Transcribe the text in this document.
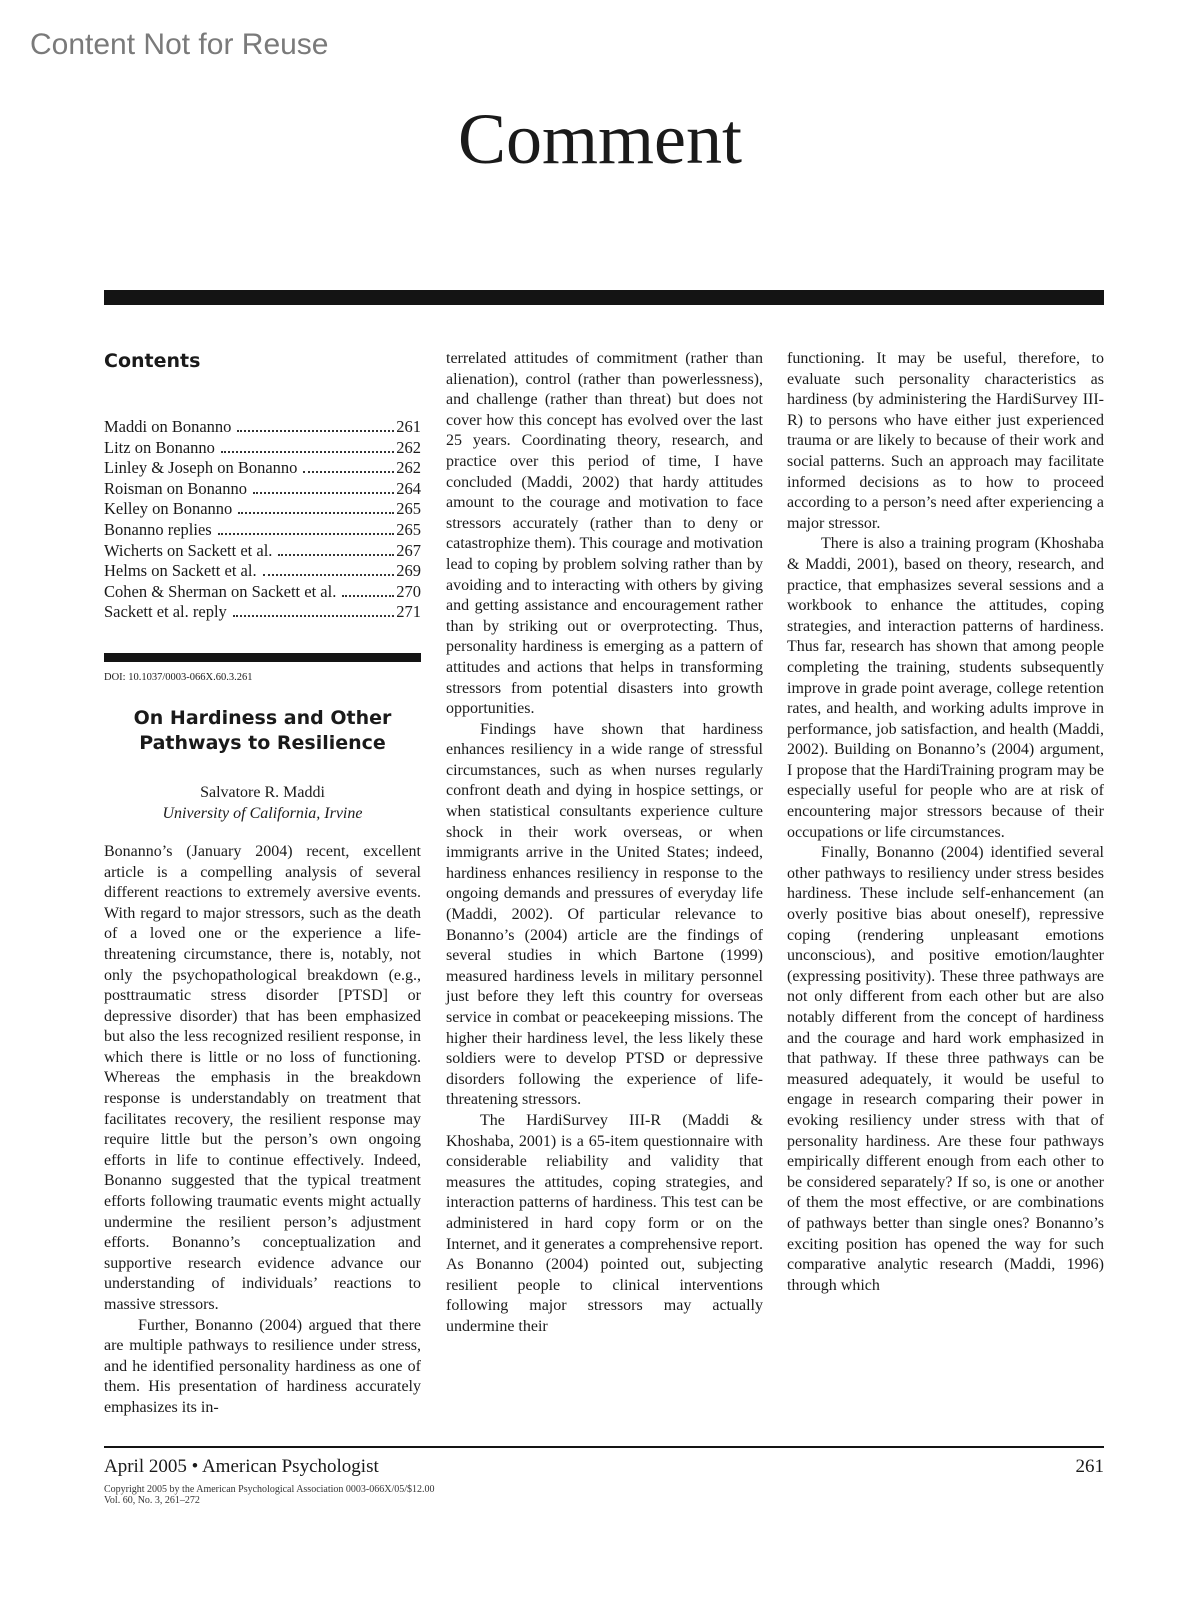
Content Not for Reuse
Comment
Contents
Maddi on Bonanno	261
Litz on Bonanno	262
Linley & Joseph on Bonanno	262
Roisman on Bonanno	264
Kelley on Bonanno	265
Bonanno replies	265
Wicherts on Sackett et al.	267
Helms on Sackett et al.	269
Cohen & Sherman on Sackett et al.	270
Sackett et al. reply	271
DOI: 10.1037/0003-066X.60.3.261
On Hardiness and Other
Pathways to Resilience
Salvatore R. Maddi
University of California, Irvine

Bonanno’s (January 2004) recent, excellent article is a compelling analysis of several different reactions to extremely aversive events. With regard to major stressors, such as the death of a loved one or the experience a life-threatening circumstance, there is, notably, not only the psychopathological breakdown (e.g., posttraumatic stress disorder [PTSD] or depressive disorder) that has been emphasized but also the less recognized resilient response, in which there is little or no loss of functioning. Whereas the emphasis in the breakdown response is understandably on treatment that facilitates recovery, the resilient response may require little but the person’s own ongoing efforts in life to continue effectively. Indeed, Bonanno suggested that the typical treatment efforts following traumatic events might actually undermine the resilient person’s adjustment efforts. Bonanno’s conceptualization and supportive research evidence advance our understanding of individuals’ reactions to massive stressors.

Further, Bonanno (2004) argued that there are multiple pathways to resilience under stress, and he identified personality hardiness as one of them. His presentation of hardiness accurately emphasizes its in-

terrelated attitudes of commitment (rather than alienation), control (rather than powerlessness), and challenge (rather than threat) but does not cover how this concept has evolved over the last 25 years. Coordinating theory, research, and practice over this period of time, I have concluded (Maddi, 2002) that hardy attitudes amount to the courage and motivation to face stressors accurately (rather than to deny or catastrophize them). This courage and motivation lead to coping by problem solving rather than by avoiding and to interacting with others by giving and getting assistance and encouragement rather than by striking out or overprotecting. Thus, personality hardiness is emerging as a pattern of attitudes and actions that helps in transforming stressors from potential disasters into growth opportunities.

Findings have shown that hardiness enhances resiliency in a wide range of stressful circumstances, such as when nurses regularly confront death and dying in hospice settings, or when statistical consultants experience culture shock in their work overseas, or when immigrants arrive in the United States; indeed, hardiness enhances resiliency in response to the ongoing demands and pressures of everyday life (Maddi, 2002). Of particular relevance to Bonanno’s (2004) article are the findings of several studies in which Bartone (1999) measured hardiness levels in military personnel just before they left this country for overseas service in combat or peacekeeping missions. The higher their hardiness level, the less likely these soldiers were to develop PTSD or depressive disorders following the experience of life-threatening stressors.

The HardiSurvey III-R (Maddi & Khoshaba, 2001) is a 65-item questionnaire with considerable reliability and validity that measures the attitudes, coping strategies, and interaction patterns of hardiness. This test can be administered in hard copy form or on the Internet, and it generates a comprehensive report. As Bonanno (2004) pointed out, subjecting resilient people to clinical interventions following major stressors may actually undermine their

functioning. It may be useful, therefore, to evaluate such personality characteristics as hardiness (by administering the HardiSurvey III-R) to persons who have either just experienced trauma or are likely to because of their work and social patterns. Such an approach may facilitate informed decisions as to how to proceed according to a person’s need after experiencing a major stressor.

There is also a training program (Khoshaba & Maddi, 2001), based on theory, research, and practice, that emphasizes several sessions and a workbook to enhance the attitudes, coping strategies, and interaction patterns of hardiness. Thus far, research has shown that among people completing the training, students subsequently improve in grade point average, college retention rates, and health, and working adults improve in performance, job satisfaction, and health (Maddi, 2002). Building on Bonanno’s (2004) argument, I propose that the HardiTraining program may be especially useful for people who are at risk of encountering major stressors because of their occupations or life circumstances.

Finally, Bonanno (2004) identified several other pathways to resiliency under stress besides hardiness. These include self-enhancement (an overly positive bias about oneself), repressive coping (rendering unpleasant emotions unconscious), and positive emotion/laughter (expressing positivity). These three pathways are not only different from each other but are also notably different from the concept of hardiness and the courage and hard work emphasized in that pathway. If these three pathways can be measured adequately, it would be useful to engage in research comparing their power in evoking resiliency under stress with that of personality hardiness. Are these four pathways empirically different enough from each other to be considered separately? If so, is one or another of them the most effective, or are combinations of pathways better than single ones? Bonanno’s exciting position has opened the way for such comparative analytic research (Maddi, 1996) through which

April 2005 • American Psychologist	261
Copyright 2005 by the American Psychological Association 0003-066X/05/$12.00
Vol. 60, No. 3, 261–272
